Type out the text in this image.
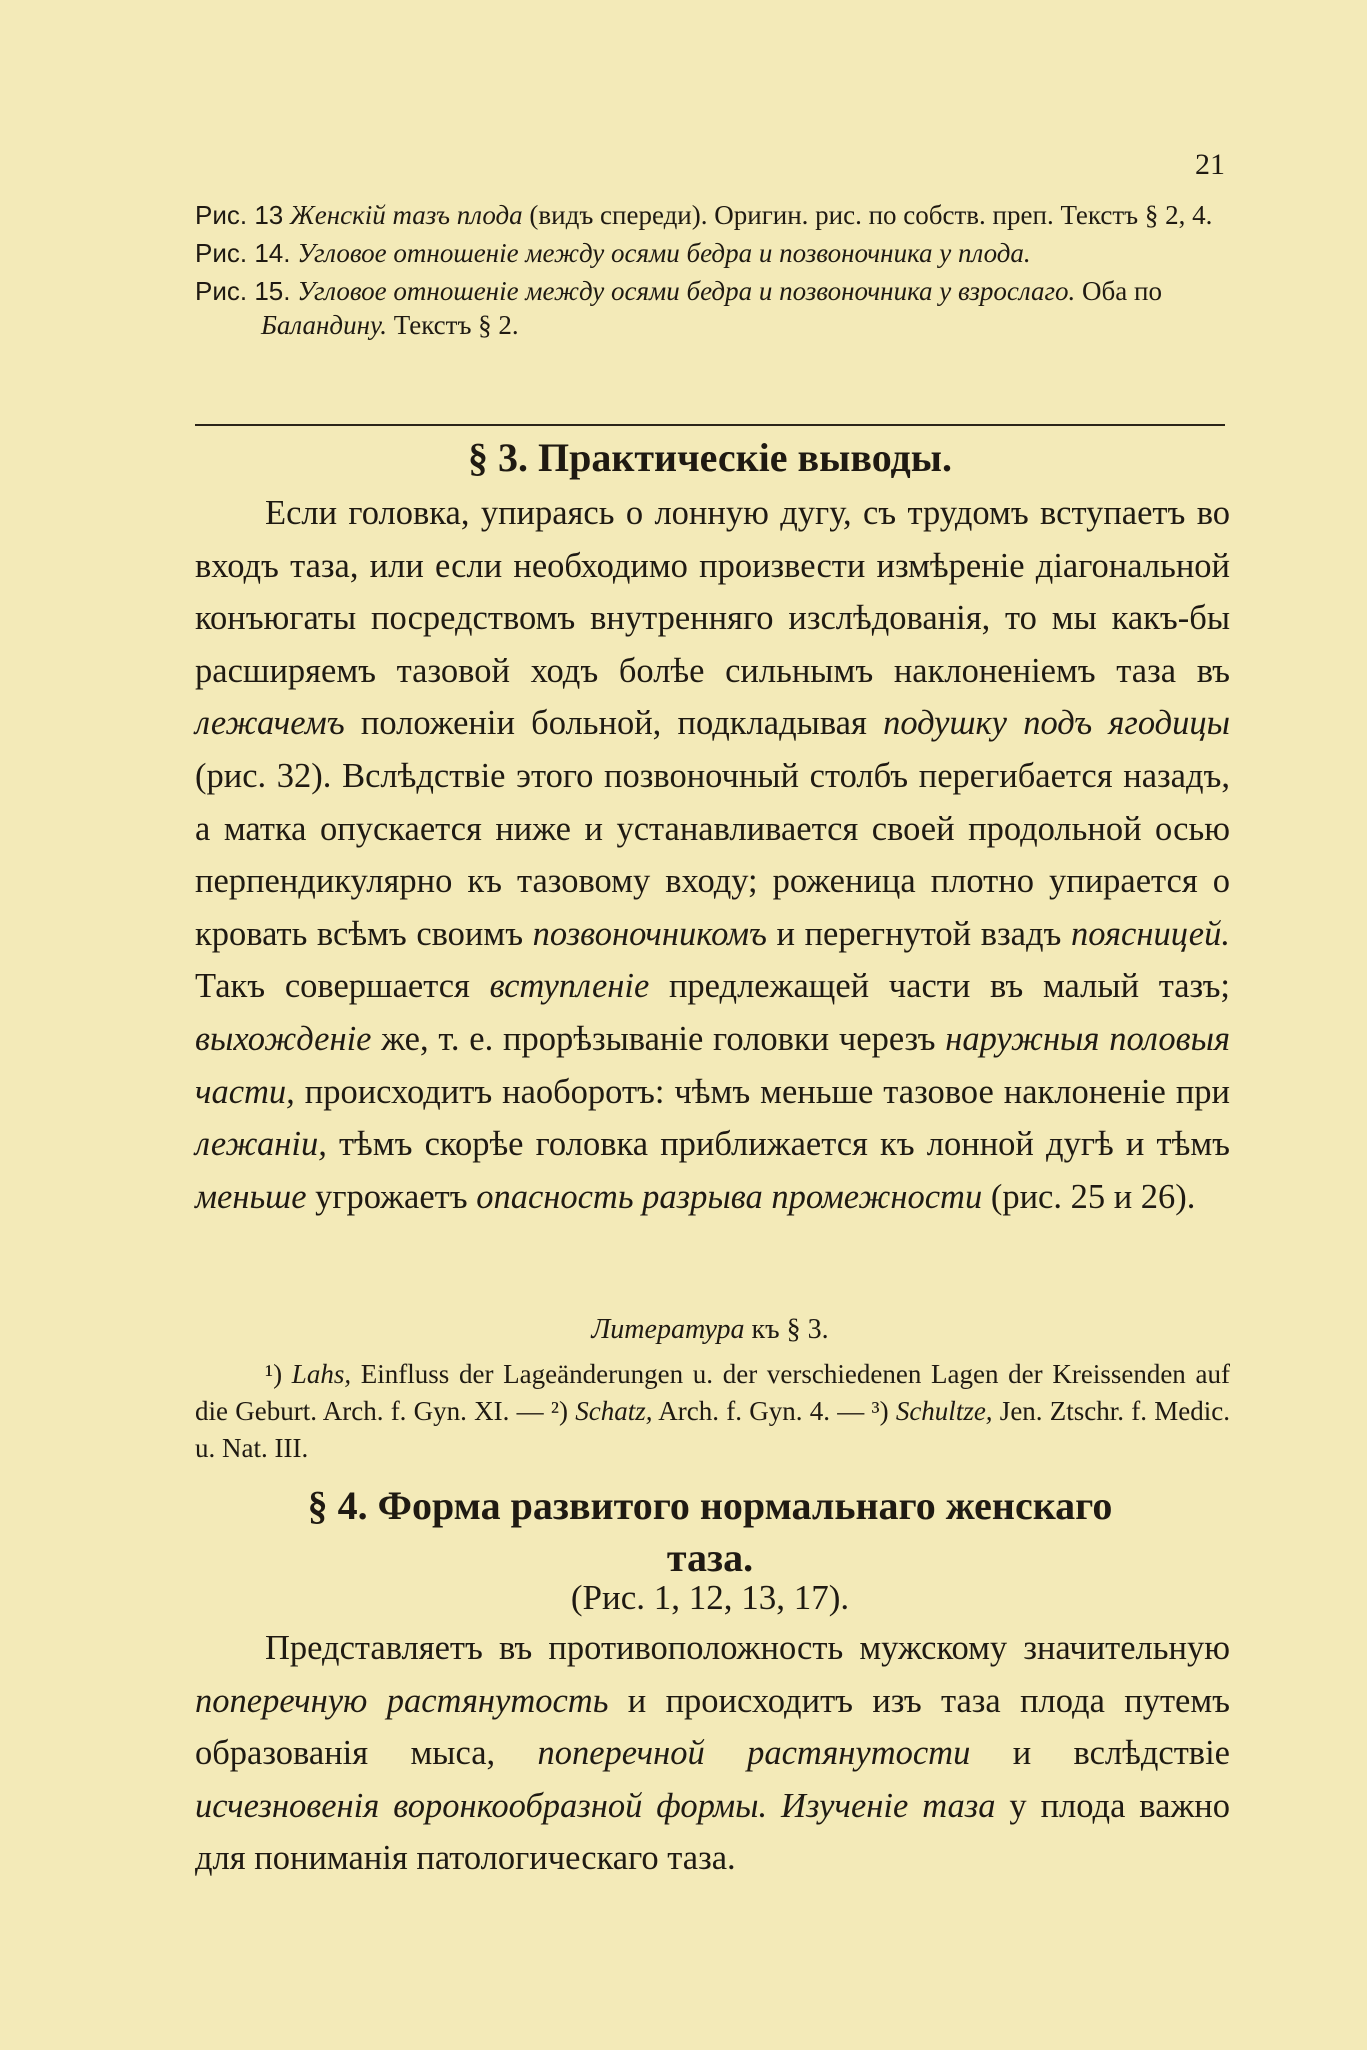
21
Рис. 13 Женскій тазъ плода (видъ спереди). Оригин. рис. по собств. преп. Текстъ § 2, 4.
Рис. 14. Угловое отношеніе между осями бедра и позвоночника у плода.
Рис. 15. Угловое отношеніе между осями бедра и позвоночника у взрослаго. Оба по Баландину. Текстъ § 2.
§ 3. Практическіе выводы.

Если головка, упираясь о лонную дугу, съ трудомъ вступаетъ во входъ таза, или если необходимо произвести измѣреніе діагональной конъюгаты посредствомъ внутренняго изслѣдованія, то мы какъ-бы расширяемъ тазовой ходъ болѣе сильнымъ наклоненіемъ таза въ лежачемъ положеніи больной, подкладывая подушку подъ ягодицы (рис. 32). Вслѣдствіе этого позвоночный столбъ перегибается назадъ, а матка опускается ниже и устанавливается своей продольной осью перпендикулярно къ тазовому входу; роженица плотно упирается о кровать всѣмъ своимъ позвоночникомъ и перегнутой взадъ поясницей. Такъ совершается вступленіе предлежащей части въ малый тазъ; выхожденіе же, т. е. прорѣзываніе головки черезъ наружныя половыя части, происходитъ наоборотъ: чѣмъ меньше тазовое наклоненіе при лежаніи, тѣмъ скорѣе головка приближается къ лонной дугѣ и тѣмъ меньше угрожаетъ опасность разрыва промежности (рис. 25 и 26).

Литература къ § 3.

¹) Lahs, Einfluss der Lageänderungen u. der verschiedenen Lagen der Kreissenden auf die Geburt. Arch. f. Gyn. XI. — ²) Schatz, Arch. f. Gyn. 4. — ³) Schultze, Jen. Ztschr. f. Medic. u. Nat. III.

§ 4. Форма развитого нормальнаго женскаго
таза.
(Рис. 1, 12, 13, 17).

Представляетъ въ противоположность мужскому значительную поперечную растянутость и происходитъ изъ таза плода путемъ образованія мыса, поперечной растянутости и вслѣдствіе исчезновенія воронкообразной формы. Изученіе таза у плода важно для пониманія патологическаго таза.
